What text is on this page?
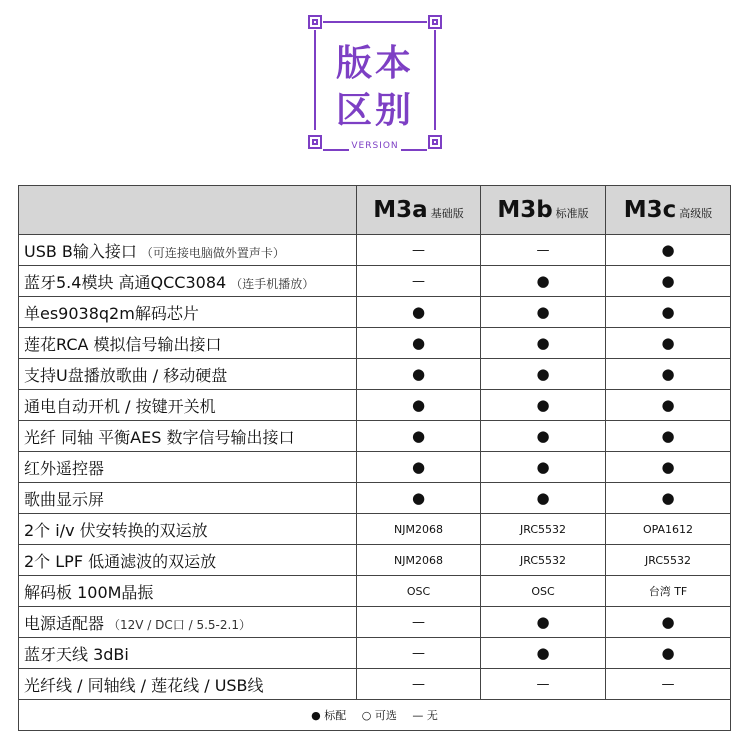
版本
区别
VERSION
	M3a 基础版	M3b 标准版	M3c 高级版
USB B输入接口 （可连接电脑做外置声卡）	—	—	●
蓝牙5.4模块 高通QCC3084 （连手机播放）	—	●	●
单es9038q2m解码芯片	●	●	●
莲花RCA 模拟信号输出接口	●	●	●
支持U盘播放歌曲 / 移动硬盘	●	●	●
通电自动开机 / 按键开关机	●	●	●
光纤 同轴 平衡AES 数字信号输出接口	●	●	●
红外遥控器	●	●	●
歌曲显示屏	●	●	●
2个 i/v 伏安转换的双运放	NJM2068	JRC5532	OPA1612
2个 LPF 低通滤波的双运放	NJM2068	JRC5532	JRC5532
解码板 100M晶振	OSC	OSC	台湾 TF
电源适配器 （12V / DC口 / 5.5-2.1）	—	●	●
蓝牙天线 3dBi	—	●	●
光纤线 / 同轴线 / 莲花线 / USB线	—	—	—
● 标配 ○ 可选 — 无			
